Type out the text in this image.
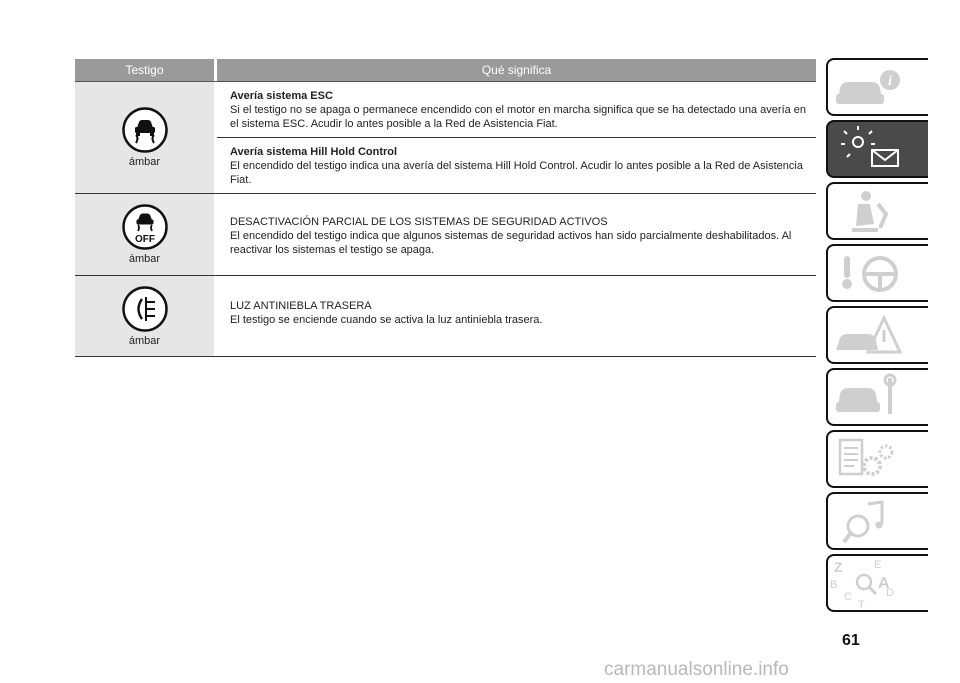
Testigo	Qué significa
ámbar
Avería sistema ESC
Si el testigo no se apaga o permanece encendido con el motor en marcha significa que se ha detectado una avería en el sistema ESC. Acudir lo antes posible a la Red de Asistencia Fiat.
Avería sistema Hill Hold Control
El encendido del testigo indica una avería del sistema Hill Hold Control. Acudir lo antes posible a la Red de Asistencia Fiat.
OFF
ámbar
DESACTIVACIÓN PARCIAL DE LOS SISTEMAS DE SEGURIDAD ACTIVOS
El encendido del testigo indica que algunos sistemas de seguridad activos han sido parcialmente deshabilitados. Al reactivar los sistemas el testigo se apaga.
ámbar
LUZ ANTINIEBLA TRASERA
El testigo se enciende cuando se activa la luz antiniebla trasera.
i
Z	E
A
B
C
T
D
61
carmanualsonline.info
